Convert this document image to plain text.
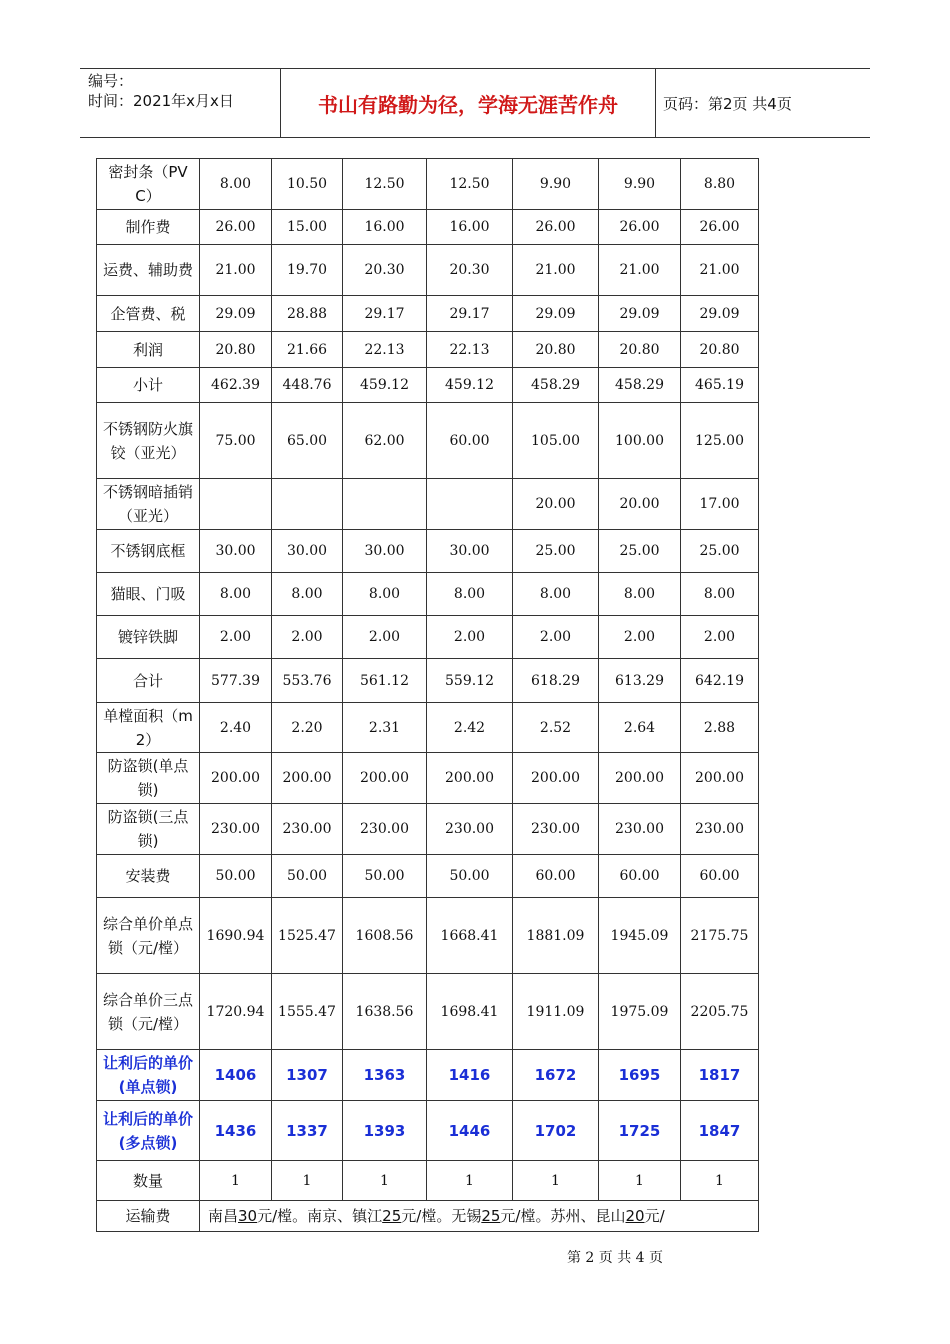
编号：
时间：2021年x月x日	书山有路勤为径，学海无涯苦作舟	页码：第2页 共4页
密封条（PVC）	8.00	10.50	12.50	12.50	9.90	9.90	8.80
制作费	26.00	15.00	16.00	16.00	26.00	26.00	26.00
运费、辅助费	21.00	19.70	20.30	20.30	21.00	21.00	21.00
企管费、税	29.09	28.88	29.17	29.17	29.09	29.09	29.09
利润	20.80	21.66	22.13	22.13	20.80	20.80	20.80
小计	462.39	448.76	459.12	459.12	458.29	458.29	465.19
不锈钢防火旗铰（亚光）	75.00	65.00	62.00	60.00	105.00	100.00	125.00
不锈钢暗插销（亚光）					20.00	20.00	17.00
不锈钢底框	30.00	30.00	30.00	30.00	25.00	25.00	25.00
猫眼、门吸	8.00	8.00	8.00	8.00	8.00	8.00	8.00
镀锌铁脚	2.00	2.00	2.00	2.00	2.00	2.00	2.00
合计	577.39	553.76	561.12	559.12	618.29	613.29	642.19
单樘面积（m2）	2.40	2.20	2.31	2.42	2.52	2.64	2.88
防盗锁(单点锁)	200.00	200.00	200.00	200.00	200.00	200.00	200.00
防盗锁(三点锁)	230.00	230.00	230.00	230.00	230.00	230.00	230.00
安装费	50.00	50.00	50.00	50.00	60.00	60.00	60.00
综合单价单点锁（元/樘）	1690.94	1525.47	1608.56	1668.41	1881.09	1945.09	2175.75
综合单价三点锁（元/樘）	1720.94	1555.47	1638.56	1698.41	1911.09	1975.09	2205.75
让利后的单价(单点锁)	1406	1307	1363	1416	1672	1695	1817
让利后的单价(多点锁)	1436	1337	1393	1446	1702	1725	1847
数量	1	1	1	1	1	1	1
运输费	南昌30元/樘。南京、镇江25元/樘。无锡25元/樘。苏州、昆山20元/						
第 2 页 共 4 页
